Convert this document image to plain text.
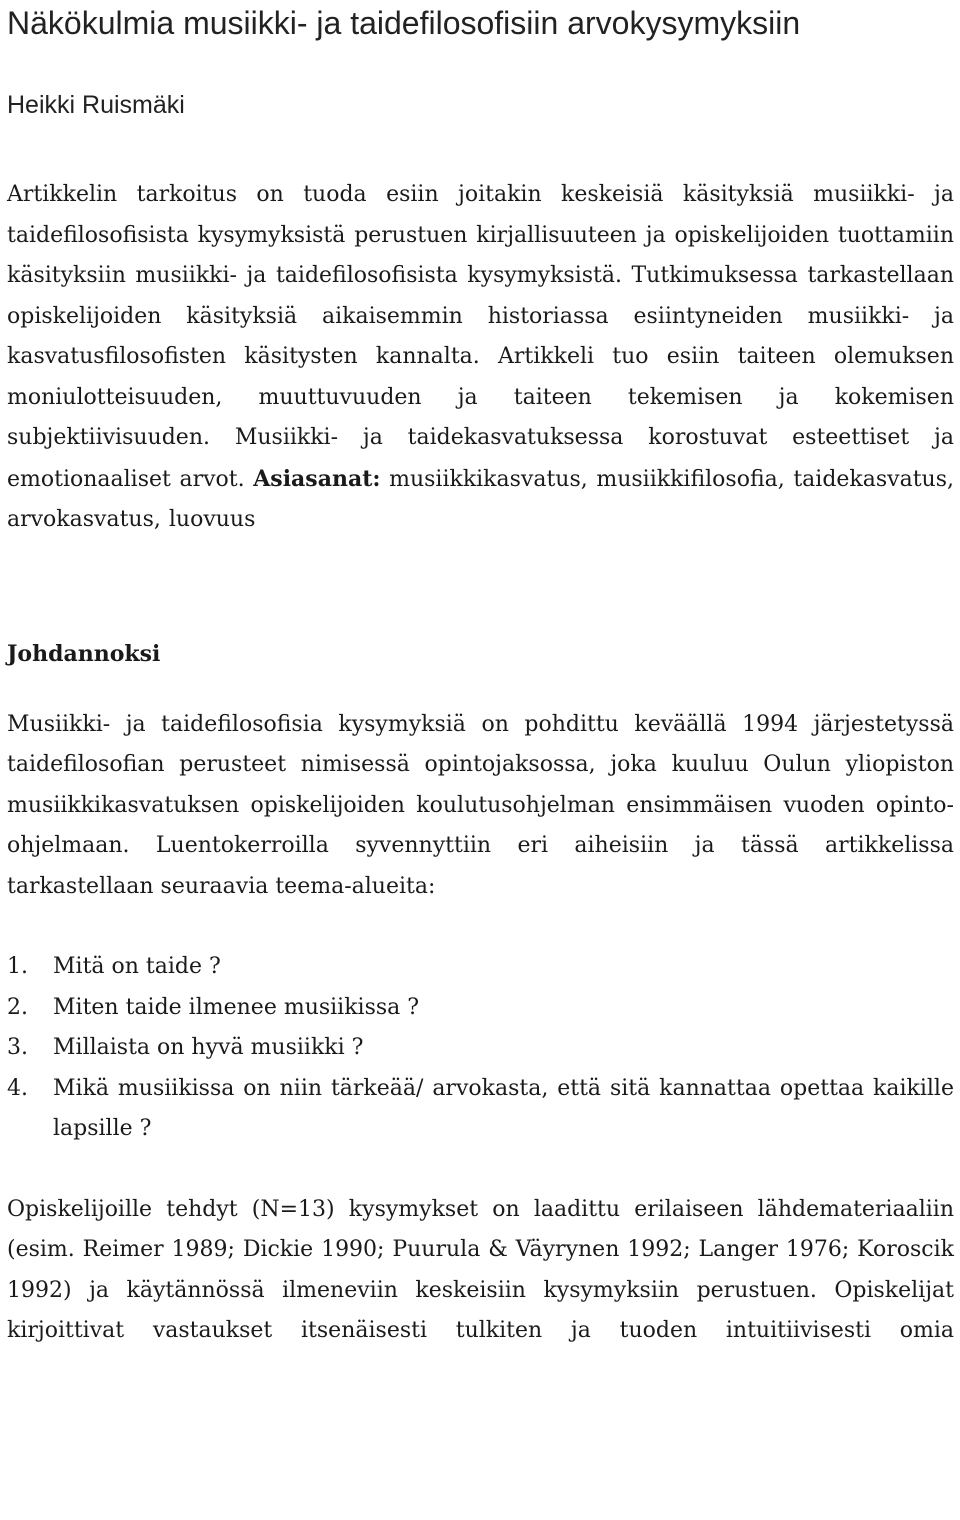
Näkökulmia musiikki- ja taidefilosofisiin arvokysymyksiin

Heikki Ruismäki

Artikkelin tarkoitus on tuoda esiin joitakin keskeisiä käsityksiä musiikki- ja taidefilosofisista kysymyksistä perustuen kirjallisuuteen ja opiskelijoiden tuottamiin käsityksiin musiikki- ja taidefilosofisista kysymyksistä. Tutkimuksessa tarkastellaan opiskelijoiden käsityksiä aikaisemmin historiassa esiintyneiden musiikki- ja kasvatusfilosofisten käsitysten kannalta. Artikkeli tuo esiin taiteen olemuksen moniulotteisuuden, muuttuvuuden ja taiteen tekemisen ja kokemisen subjektiivisuuden. Musiikki- ja taidekasvatuksessa korostuvat esteettiset ja emotionaaliset arvot. Asiasanat: musiikkikasvatus, musiikkifilosofia, taidekasvatus, arvokasvatus, luovuus

Johdannoksi

Musiikki- ja taidefilosofisia kysymyksiä on pohdittu keväällä 1994 järjestetyssä taidefilosofian perusteet nimisessä opintojaksossa, joka kuuluu Oulun yliopiston musiikkikasvatuksen opiskelijoiden koulutusohjelman ensimmäisen vuoden opinto-ohjelmaan. Luentokerroilla syvennyttiin eri aiheisiin ja tässä artikkelissa tarkastellaan seuraavia teema-alueita:

1.	Mitä on taide ?
2.	Miten taide ilmenee musiikissa ?
3.	Millaista on hyvä musiikki ?
4.	Mikä musiikissa on niin tärkeää/ arvokasta, että sitä kannattaa opettaa kaikille lapsille ?

Opiskelijoille tehdyt (N=13) kysymykset on laadittu erilaiseen lähdemateriaaliin (esim. Reimer 1989; Dickie 1990; Puurula & Väyrynen 1992; Langer 1976; Koroscik 1992) ja käytännössä ilmeneviin keskeisiin kysymyksiin perustuen. Opiskelijat kirjoittivat vastaukset itsenäisesti tulkiten ja tuoden intuitiivisesti omia
